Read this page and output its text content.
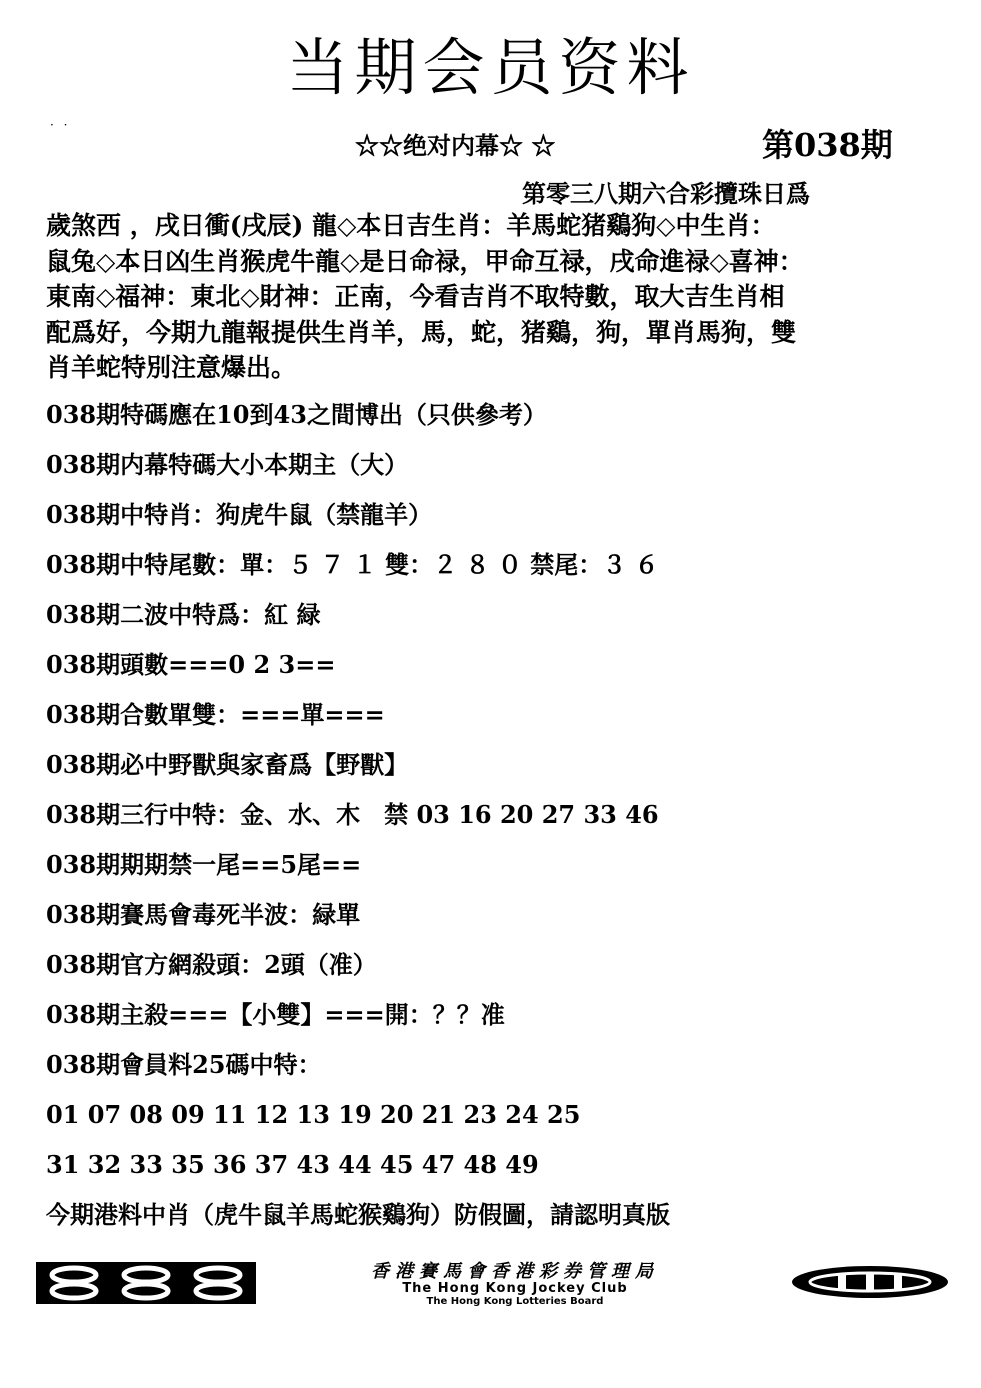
当期会员资料
· ·
☆☆绝对内幕☆ ☆	第038期
第零三八期六合彩攬珠日爲
歲煞西 ，戌日衝(戌辰) 龍◇本日吉生肖：羊馬蛇猪鷄狗◇中生肖：
鼠兔◇本日凶生肖猴虎牛龍◇是日命禄，甲命互禄，戌命進禄◇喜神：
東南◇福神：東北◇財神：正南，今看吉肖不取特數，取大吉生肖相
配爲好，今期九龍報提供生肖羊，馬，蛇，猪鷄，狗，單肖馬狗，雙
肖羊蛇特別注意爆出。
038期特碼應在10到43之間博出（只供參考）
038期内幕特碼大小本期主（大）
038期中特肖：狗虎牛鼠（禁龍羊）
038期中特尾數：單：５ ７ １ 雙：２ ８ ０ 禁尾：３ ６
038期二波中特爲：紅 緑
038期頭數===0 2 3==
038期合數單雙：===單===
038期必中野獸與家畜爲【野獸】
038期三行中特：金、水、木　禁 03 16 20 27 33 46
038期期期禁一尾==5尾==
038期賽馬會毒死半波：緑單
038期官方網殺頭：2頭（准）
038期主殺===【小雙】===開：？？准
038期會員料25碼中特：
01 07 08 09 11 12 13 19 20 21 23 24 25
31 32 33 35 36 37 43 44 45 47 48 49
今期港料中肖（虎牛鼠羊馬蛇猴鷄狗）防假圖，請認明真版
香港賽馬會香港彩券管理局
The Hong Kong Jockey Club
The Hong Kong Lotteries Board
